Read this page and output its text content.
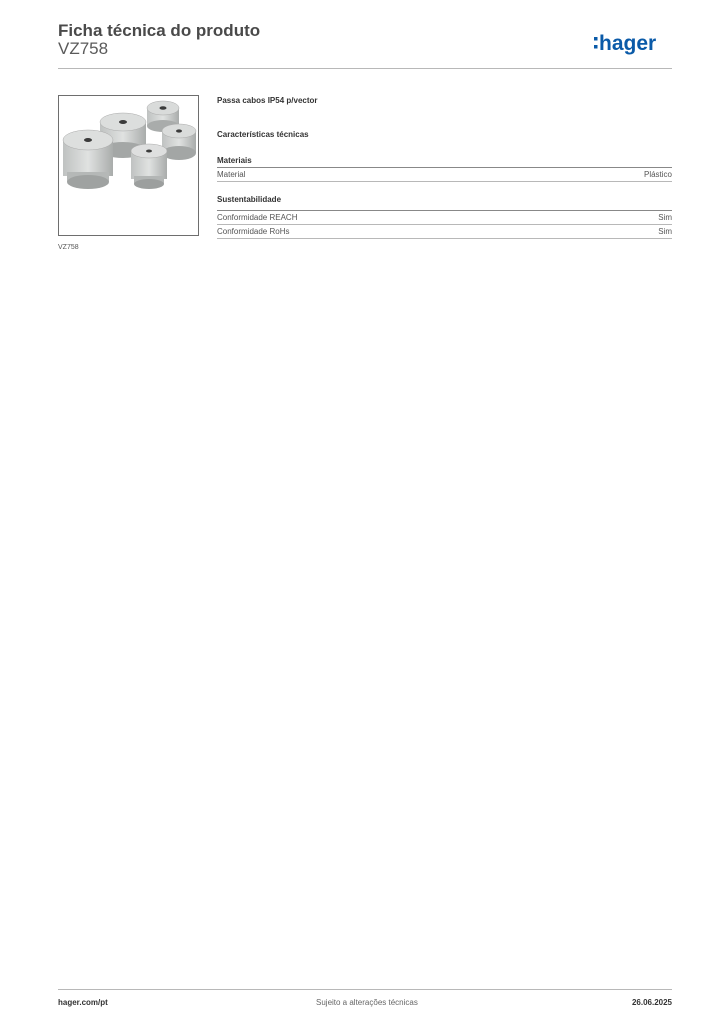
Ficha técnica do produto
VZ758	hager
VZ758
Passa cabos IP54 p/vector
Características técnicas
Materiais
Material	Plástico
Sustentabilidade
Conformidade REACH	Sim
Conformidade RoHs	Sim
hager.com/pt	Sujeito a alterações técnicas	26.06.2025
